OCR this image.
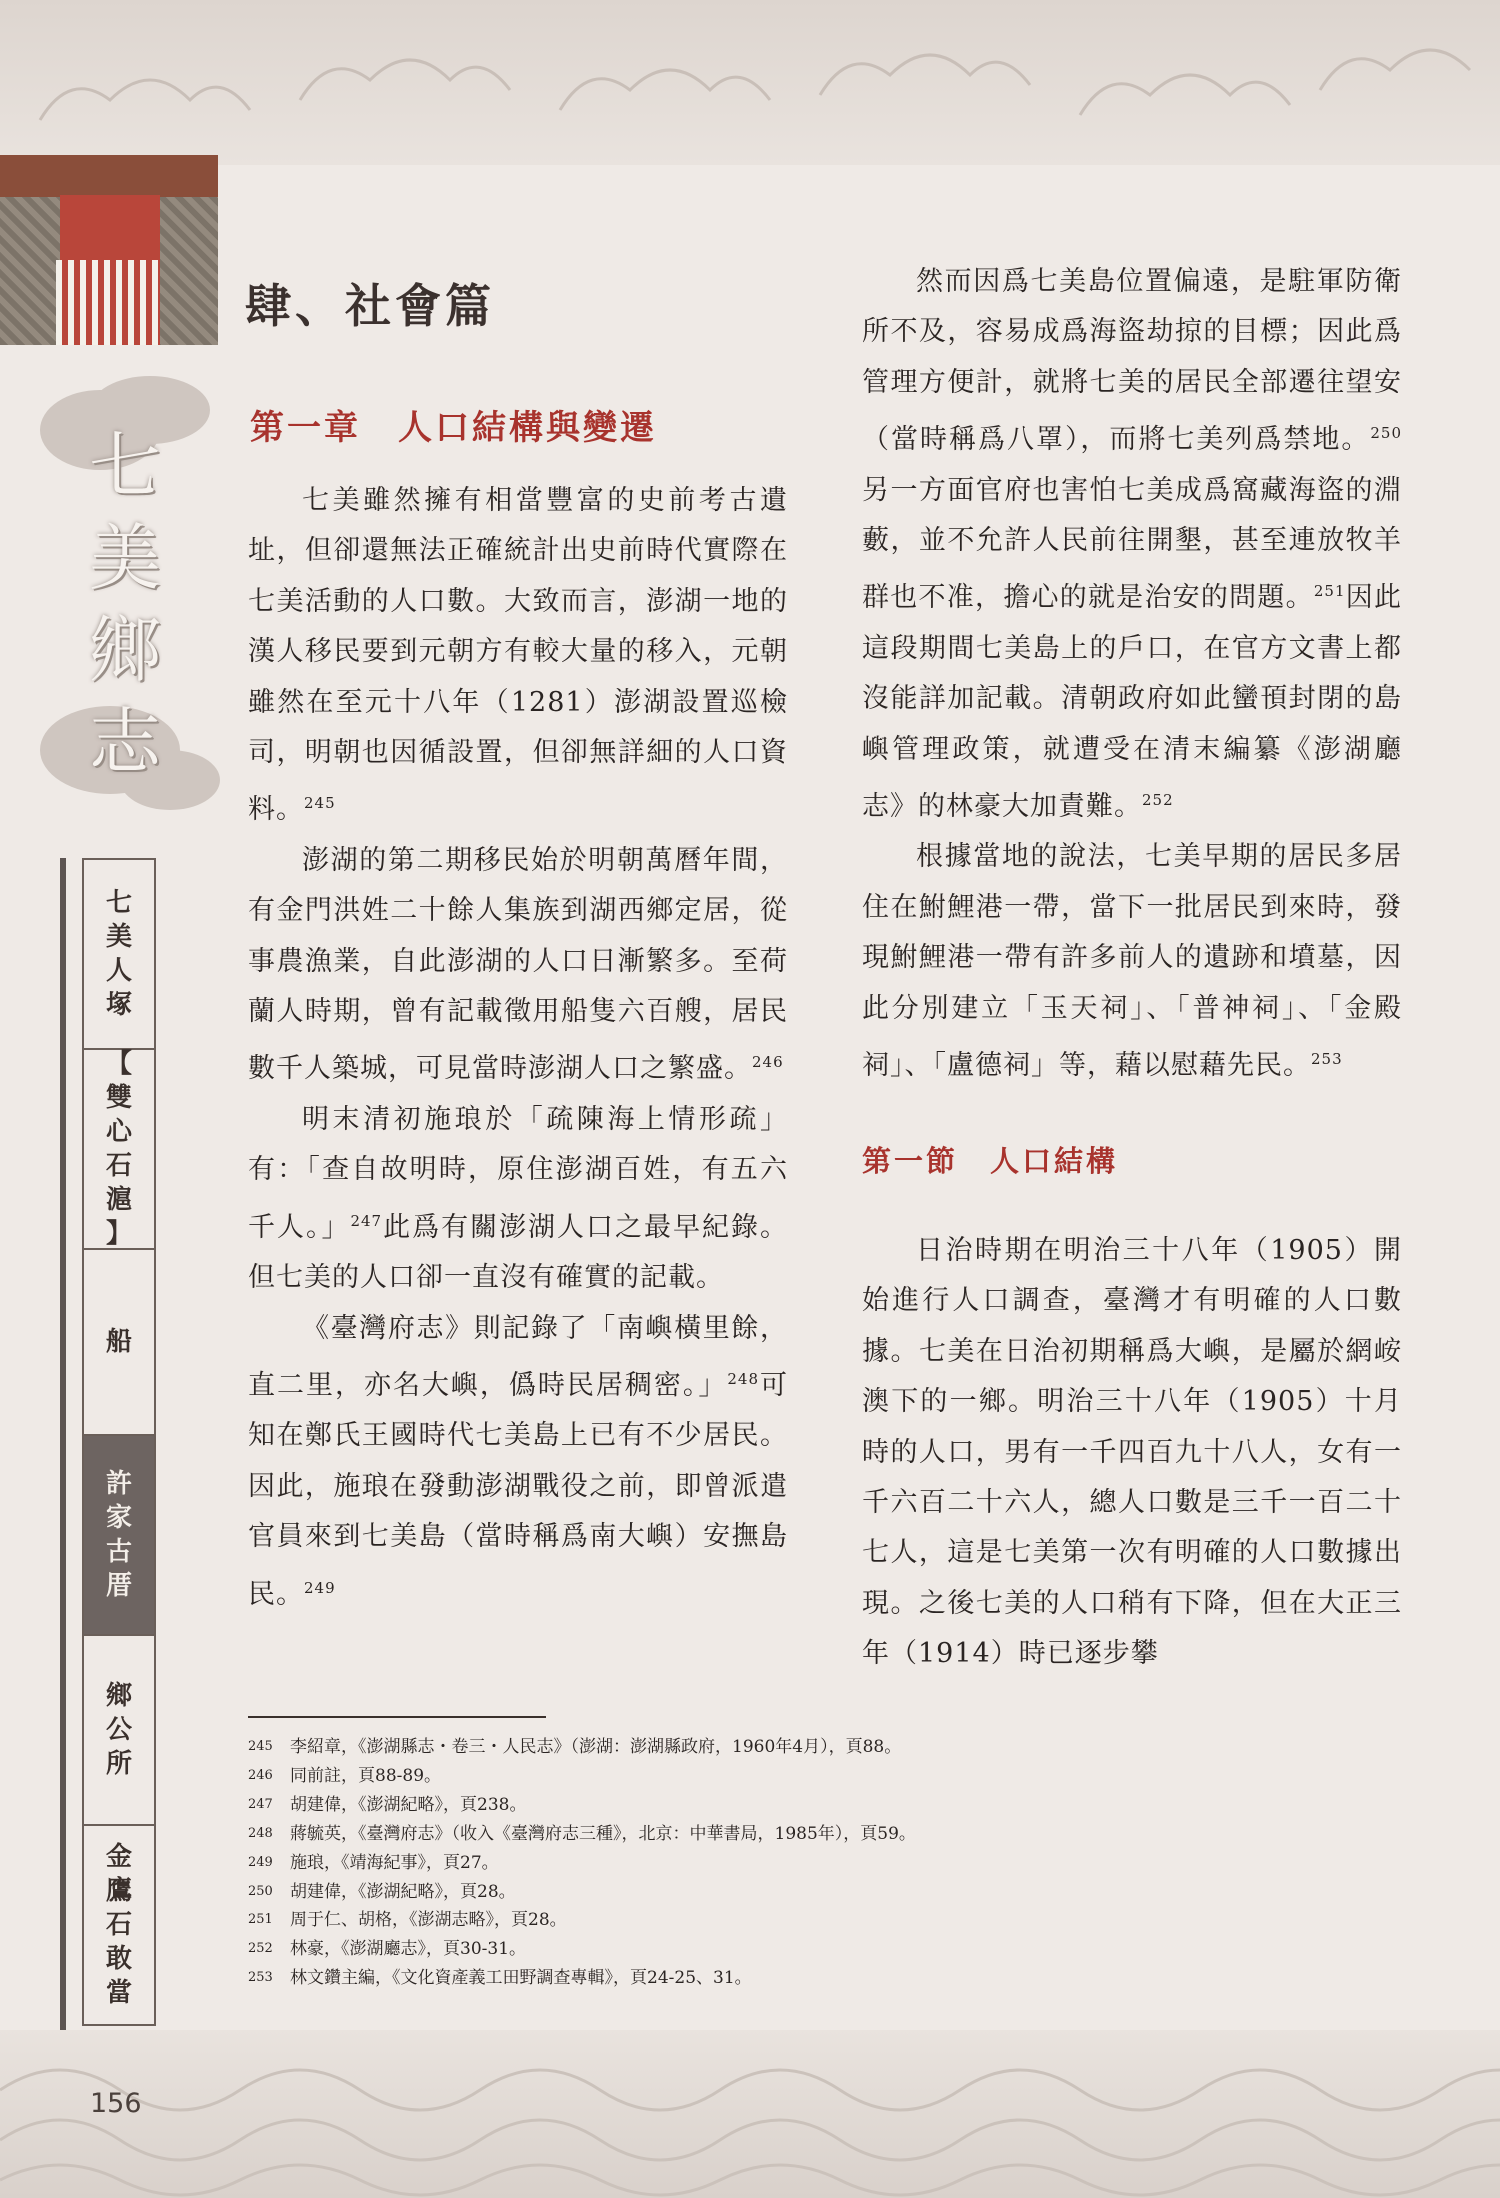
七
美
鄉
志
七
美
人
塚
【
雙
心
石
滬
】
船
許
家
古
厝
鄉
公
所
金
鷹
石
敢
當
肆、社會篇
第一章　人口結構與變遷

七美雖然擁有相當豐富的史前考古遺址，但卻還無法正確統計出史前時代實際在七美活動的人口數。大致而言，澎湖一地的漢人移民要到元朝方有較大量的移入，元朝雖然在至元十八年（1281）澎湖設置巡檢司，明朝也因循設置，但卻無詳細的人口資料。$^{245}$

澎湖的第二期移民始於明朝萬曆年間，有金門洪姓二十餘人集族到湖西鄉定居，從事農漁業，自此澎湖的人口日漸繁多。至荷蘭人時期，曾有記載徵用船隻六百艘，居民數千人築城，可見當時澎湖人口之繁盛。$^{246}$

明末清初施琅於「疏陳海上情形疏」有：「查自故明時，原住澎湖百姓，有五六千人。」$^{247}$此爲有關澎湖人口之最早紀錄。但七美的人口卻一直沒有確實的記載。

《臺灣府志》則記錄了「南嶼橫里餘，直二里，亦名大嶼，僞時民居稠密。」$^{248}$可知在鄭氏王國時代七美島上已有不少居民。因此，施琅在發動澎湖戰役之前，即曾派遣官員來到七美島（當時稱爲南大嶼）安撫島民。$^{249}$

然而因爲七美島位置偏遠，是駐軍防衛所不及，容易成爲海盜劫掠的目標；因此爲管理方便計，就將七美的居民全部遷往望安（當時稱爲八罩），而將七美列爲禁地。$^{250}$另一方面官府也害怕七美成爲窩藏海盜的淵藪，並不允許人民前往開墾，甚至連放牧羊群也不准，擔心的就是治安的問題。$^{251}$因此這段期間七美島上的戶口，在官方文書上都沒能詳加記載。清朝政府如此蠻頇封閉的島嶼管理政策，就遭受在清末編纂《澎湖廳志》的林豪大加責難。$^{252}$

根據當地的說法，七美早期的居民多居住在鮒鯉港一帶，當下一批居民到來時，發現鮒鯉港一帶有許多前人的遺跡和墳墓，因此分別建立「玉天祠」、「普神祠」、「金殿祠」、「盧德祠」等，藉以慰藉先民。$^{253}$

第一節　人口結構

日治時期在明治三十八年（1905）開始進行人口調查，臺灣才有明確的人口數據。七美在日治初期稱爲大嶼，是屬於網峖澳下的一鄉。明治三十八年（1905）十月時的人口，男有一千四百九十八人，女有一千六百二十六人，總人口數是三千一百二十七人，這是七美第一次有明確的人口數據出現。之後七美的人口稍有下降，但在大正三年（1914）時已逐步攀

245	李紹章，《澎湖縣志・卷三・人民志》（澎湖：澎湖縣政府，1960年4月），頁88。
246	同前註，頁88-89。
247	胡建偉，《澎湖紀略》，頁238。
248	蔣毓英，《臺灣府志》（收入《臺灣府志三種》，北京：中華書局，1985年），頁59。
249	施琅，《靖海紀事》，頁27。
250	胡建偉，《澎湖紀略》，頁28。
251	周于仁、胡格，《澎湖志略》，頁28。
252	林豪，《澎湖廳志》，頁30-31。
253	林文鑽主編，《文化資產義工田野調查專輯》，頁24-25、31。
156
